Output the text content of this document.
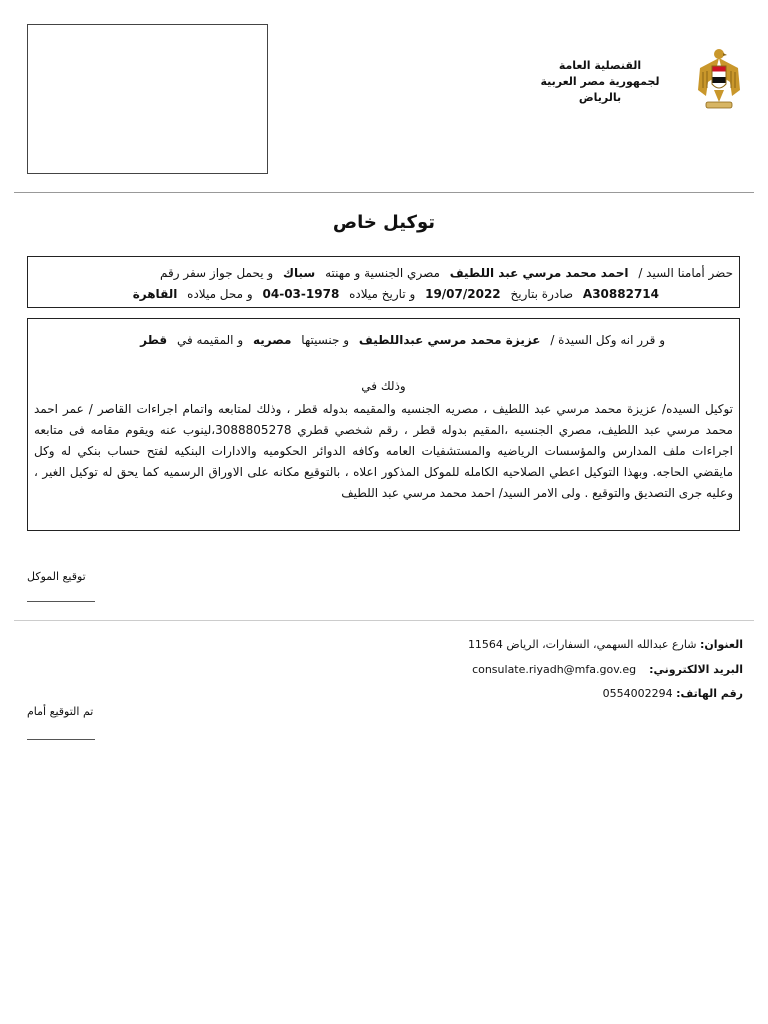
القنصلية العامة
لجمهورية مصر العربية
بالرياض
توكيل خاص
حضر أمامنا السيد / احمد محمد مرسي عبد اللطيف مصري الجنسية و مهنته سباك و يحمل جواز سفر رقم
A30882714 صادرة بتاريخ 19/07/2022 و تاريخ ميلاده 1978-03-04 و محل ميلاده القاهرة
و قرر انه وكل السيدة / عزيزة محمد مرسي عبداللطيف و جنسيتها مصريه و المقيمه في قطر
وذلك في
توكيل السيده/ عزيزة محمد مرسي عبد اللطيف ، مصريه الجنسيه والمقيمه بدوله قطر ، وذلك لمتابعه واتمام اجراءات القاصر / عمر احمد محمد مرسي عبد اللطيف، مصري الجنسيه ،المقيم بدوله قطر ، رقم شخصي قطري 3088805278،لينوب عنه ويقوم مقامه فى متابعه اجراءات ملف المدارس والمؤسسات الرياضيه والمستشفيات العامه وكافه الدوائر الحكوميه والادارات البنكيه لفتح حساب بنكي له وكل مايقضي الحاجه. وبهذا التوكيل اعطي الصلاحيه الكامله للموكل المذكور اعلاه ، بالتوقيع مكانه على الاوراق الرسميه كما يحق له توكيل الغير ، وعليه جرى التصديق والتوقيع . ولى الامر السيد/ احمد محمد مرسي عبد اللطيف
توقيع الموكل
العنوان: شارع عبدالله السهمي، السفارات، الرياض 11564
البريد الالكتروني:  consulate.riyadh@mfa.gov.eg
رقم الهاتف: 0554002294
تم التوقيع أمام
